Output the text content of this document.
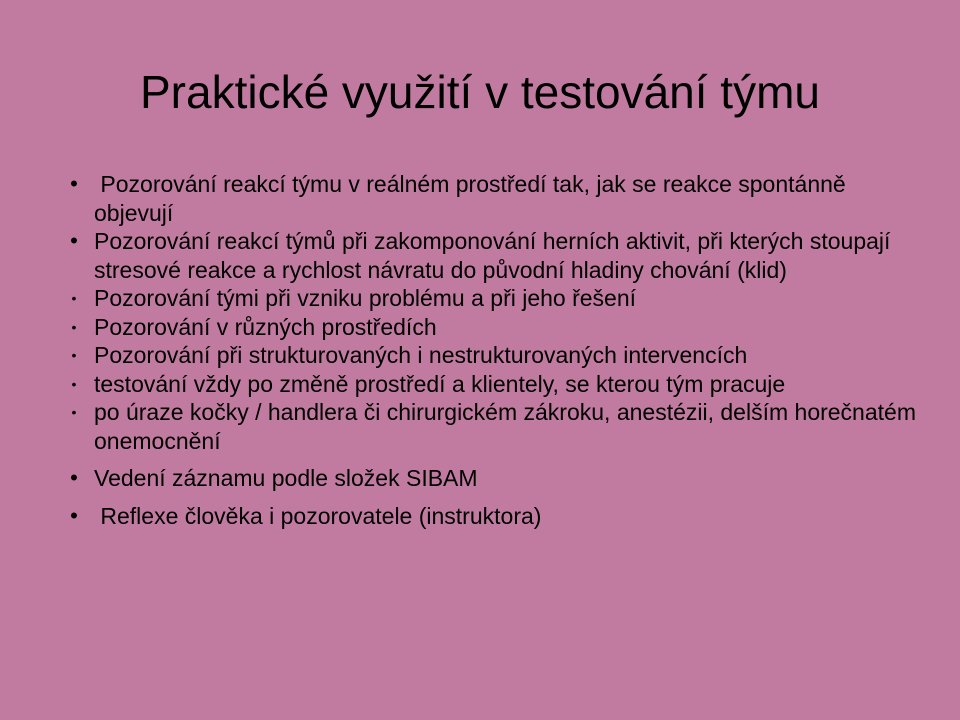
Praktické využití v testování týmu
• Pozorování reakcí týmu v reálném prostředí tak, jak se reakce spontánně objevují
• Pozorování reakcí týmů při zakomponování herních aktivit, při kterých stoupají stresové reakce a rychlost návratu do původní hladiny chování (klid)
• Pozorování tými při vzniku problému a při jeho řešení
• Pozorování v různých prostředích
• Pozorování při strukturovaných i nestrukturovaných intervencích
• testování vždy po změně prostředí a klientely, se kterou tým pracuje
• po úraze kočky / handlera či chirurgickém zákroku, anestézii, delším horečnatém onemocnění
• Vedení záznamu podle složek SIBAM
• Reflexe člověka i pozorovatele (instruktora)
